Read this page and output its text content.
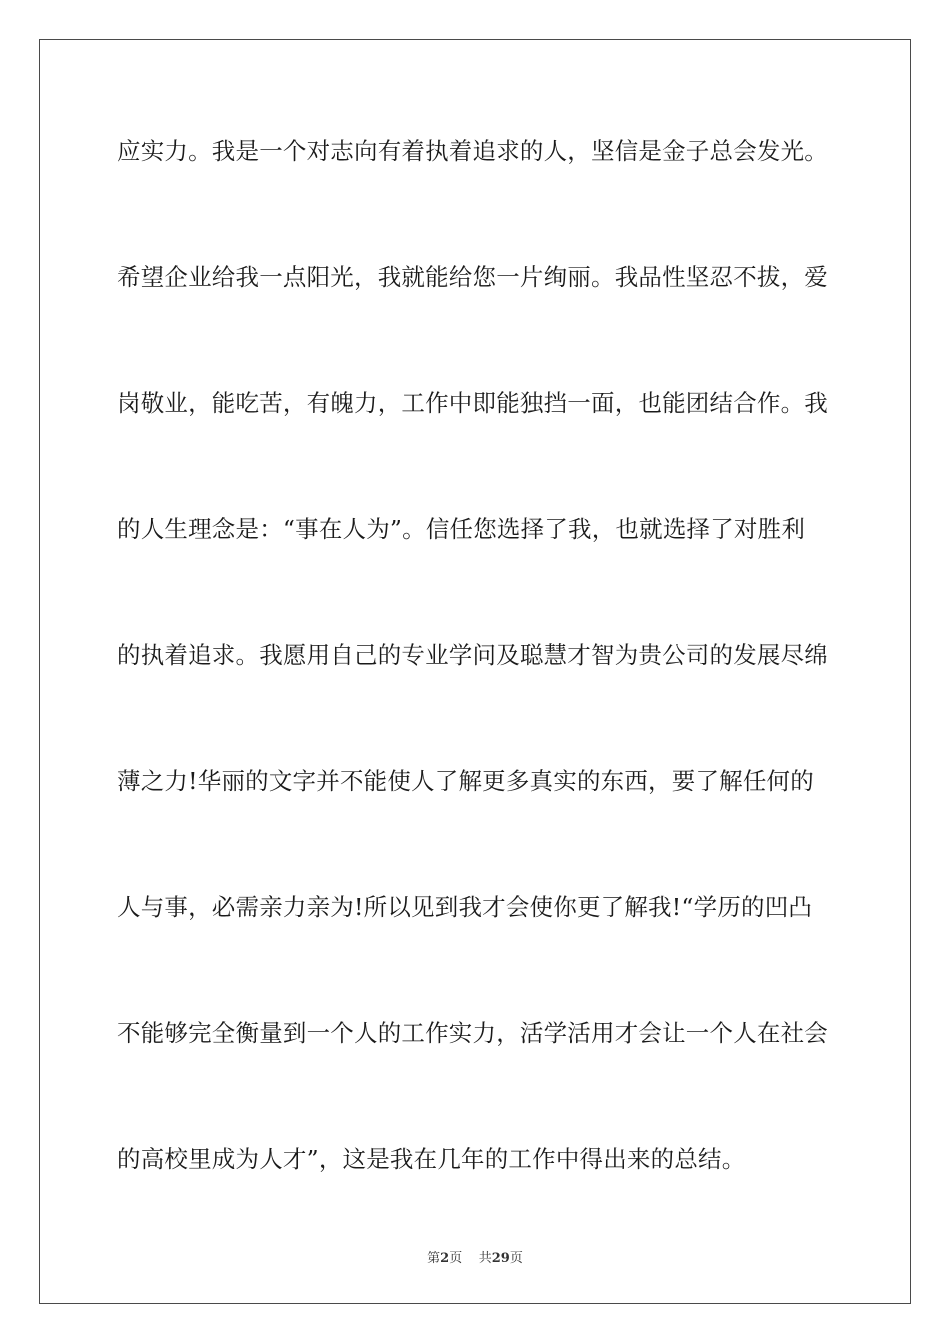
应实力。我是一个对志向有着执着追求的人，坚信是金子总会发光。
希望企业给我一点阳光，我就能给您一片绚丽。我品性坚忍不拔，爱
岗敬业，能吃苦，有魄力，工作中即能独挡一面，也能团结合作。我
的人生理念是：“事在人为”。信任您选择了我，也就选择了对胜利
的执着追求。我愿用自己的专业学问及聪慧才智为贵公司的发展尽绵
薄之力!华丽的文字并不能使人了解更多真实的东西，要了解任何的
人与事，必需亲力亲为!所以见到我才会使你更了解我!“学历的凹凸
不能够完全衡量到一个人的工作实力，活学活用才会让一个人在社会
的高校里成为人才”，这是我在几年的工作中得出来的总结。
第2页 共29页
